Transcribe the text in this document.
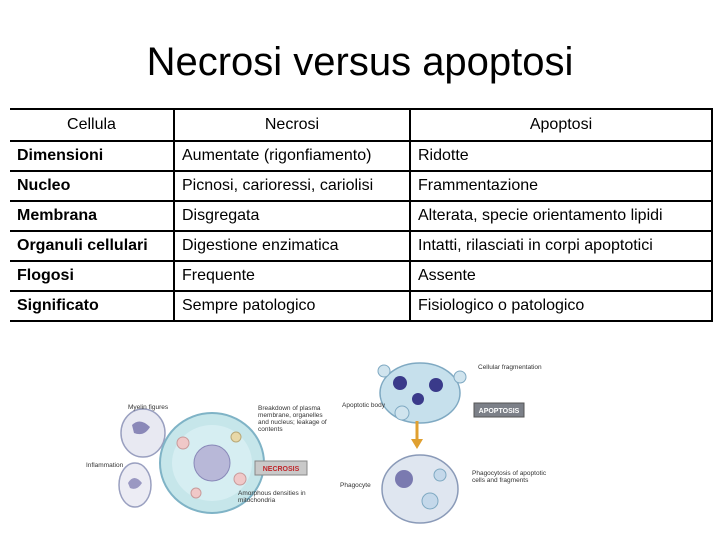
Necrosi versus apoptosi
Cellula	Necrosi	Apoptosi
Dimensioni	Aumentate (rigonfiamento)	Ridotte
Nucleo	Picnosi, carioressi, cariolisi	Frammentazione
Membrana	Disgregata	Alterata, specie orientamento lipidi
Organuli cellulari	Digestione enzimatica	Intatti, rilasciati in corpi apoptotici
Flogosi	Frequente	Assente
Significato	Sempre patologico	Fisiologico o patologico
NECROSIS
Myelin figures
Inflammation
Breakdown of plasma membrane, organelles and nucleus; leakage of contents
Amorphous densities in mitochondria
Cellular fragmentation
Apoptotic body
APOPTOSIS
Phagocyte
Phagocytosis of apoptotic cells and fragments
